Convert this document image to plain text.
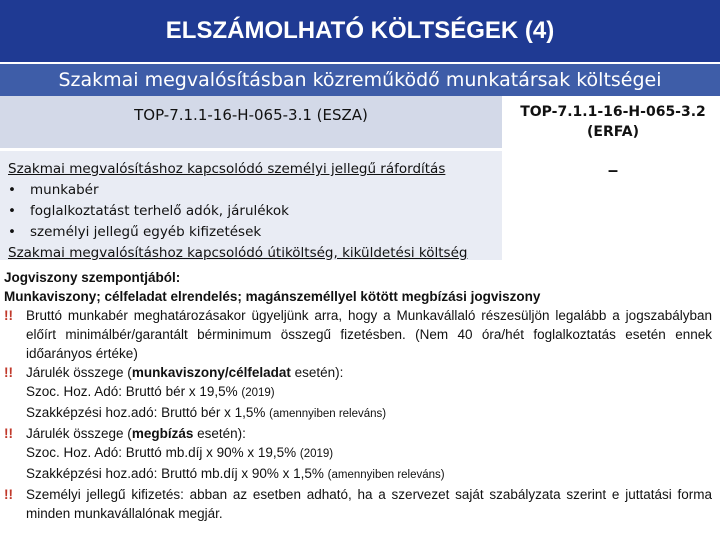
ELSZÁMOLHATÓ KÖLTSÉGEK (4)
Szakmai megvalósításban közreműködő munkatársak költségei
TOP-7.1.1-16-H-065-3.1 (ESZA)	TOP-7.1.1-16-H-065-3.2
(ERFA)
Szakmai megvalósításhoz kapcsolódó személyi jellegű ráfordítás
• munkabér
• foglalkoztatást terhelő adók, járulékok
• személyi jellegű egyéb kifizetések
Szakmai megvalósításhoz kapcsolódó útiköltség, kiküldetési költség
–
Jogviszony szempontjából:
Munkaviszony; célfeladat elrendelés; magánszeméllyel kötött megbízási jogviszony
!! Bruttó munkabér meghatározásakor ügyeljünk arra, hogy a Munkavállaló részesüljön legalább a jogszabályban előírt minimálbér/garantált bérminimum összegű fizetésben. (Nem 40 óra/hét foglalkoztatás esetén ennek időarányos értéke)
!! Járulék összege (munkaviszony/célfeladat esetén):
Szoc. Hoz. Adó: Bruttó bér x 19,5% (2019)
Szakképzési hoz.adó: Bruttó bér x 1,5% (amennyiben releváns)
!! Járulék összege (megbízás esetén):
Szoc. Hoz. Adó: Bruttó mb.díj x 90% x 19,5% (2019)
Szakképzési hoz.adó: Bruttó mb.díj x 90% x 1,5% (amennyiben releváns)
!! Személyi jellegű kifizetés: abban az esetben adható, ha a szervezet saját szabályzata szerint e juttatási forma minden munkavállalónak megjár.
